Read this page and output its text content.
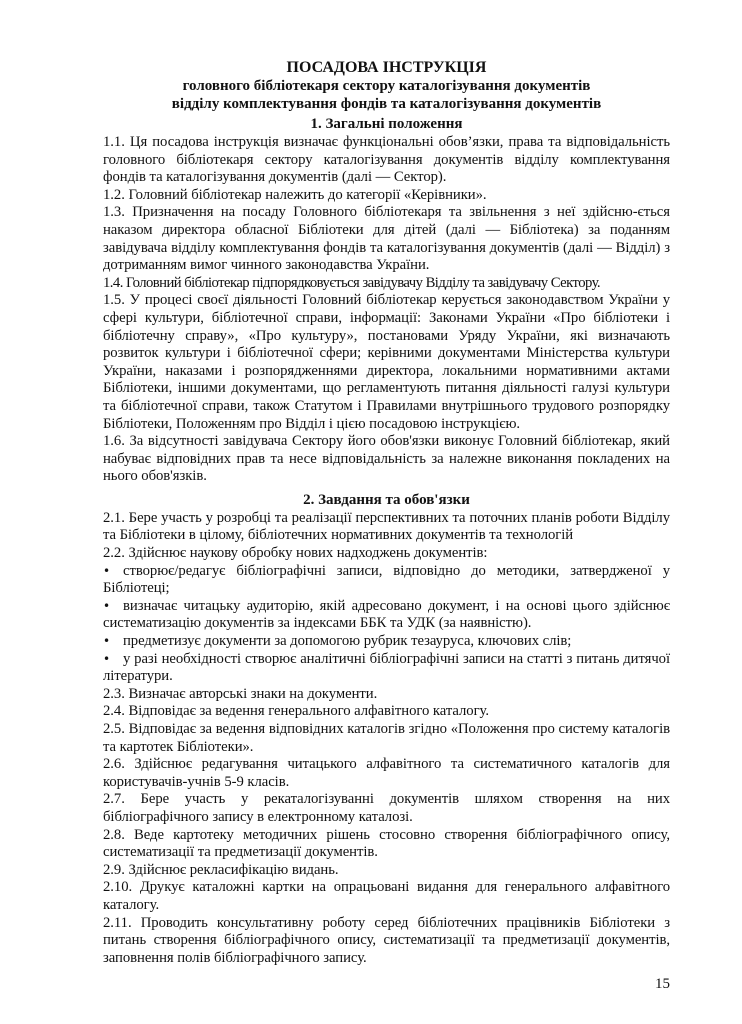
ПОСАДОВА ІНСТРУКЦІЯ
головного бібліотекаря сектору каталогізування документів
відділу комплектування фондів та каталогізування документів
1. Загальні положення

1.1. Ця посадова інструкція визначає функціональні обов’язки, права та відповідальність головного бібліотекаря сектору каталогізування документів відділу комплектування фондів та каталогізування документів (далі — Сектор).

1.2. Головний бібліотекар належить до категорії «Керівники».

1.3. Призначення на посаду Головного бібліотекаря та звільнення з неї здійсню-ється наказом директора обласної Бібліотеки для дітей (далі — Бібліотека) за поданням завідувача відділу комплектування фондів та каталогізування документів (далі — Відділ) з дотриманням вимог чинного законодавства України.

1.4. Головний бібліотекар підпорядковується завідувачу Відділу та завідувачу Сектору.

1.5. У процесі своєї діяльності Головний бібліотекар керується законодавством України у сфері культури, бібліотечної справи, інформації: Законами України «Про бібліотеки і бібліотечну справу», «Про культуру», постановами Уряду України, які визначають розвиток культури і бібліотечної сфери; керівними документами Міністерства культури України, наказами і розпорядженнями директора, локальними нормативними актами Бібліотеки, іншими документами, що регламентують питання діяльності галузі культури та бібліотечної справи, також Статутом і Правилами внутрішнього трудового розпорядку Бібліотеки, Положенням про Відділ і цією посадовою інструкцією.

1.6. За відсутності завідувача Сектору його обов'язки виконує Головний бібліотекар, який набуває відповідних прав та несе відповідальність за належне виконання покладених на нього обов'язків.

2. Завдання та обов'язки

2.1. Бере участь у розробці та реалізації перспективних та поточних планів роботи Відділу та Бібліотеки в цілому, бібліотечних нормативних документів та технологій

2.2. Здійснює наукову обробку нових надходжень документів:

•створює/редагує бібліографічні записи, відповідно до методики, затвердженої у Бібліотеці;

•визначає читацьку аудиторію, якій адресовано документ, і на основі цього здійснює систематизацію документів за індексами ББК та УДК (за наявністю).

•предметизує документи за допомогою рубрик тезауруса, ключових слів;

•у разі необхідності створює аналітичні бібліографічні записи на статті з питань дитячої літератури.

2.3. Визначає авторські знаки на документи.

2.4. Відповідає за ведення генерального алфавітного каталогу.

2.5. Відповідає за ведення відповідних каталогів згідно «Положення про систему каталогів та картотек Бібліотеки».

2.6. Здійснює редагування читацького алфавітного та систематичного каталогів для користувачів-учнів 5-9 класів.

2.7. Бере участь у рекаталогізуванні документів шляхом створення на них бібліографічного запису в електронному каталозі.

2.8. Веде картотеку методичних рішень стосовно створення бібліографічного опису, систематизації та предметизації документів.

2.9. Здійснює рекласифікацію видань.

2.10. Друкує каталожні картки на опрацьовані видання для генерального алфавітного каталогу.

2.11. Проводить консультативну роботу серед бібліотечних працівників Бібліотеки з питань створення бібліографічного опису, систематизації та предметизації документів, заповнення полів бібліографічного запису.

15
